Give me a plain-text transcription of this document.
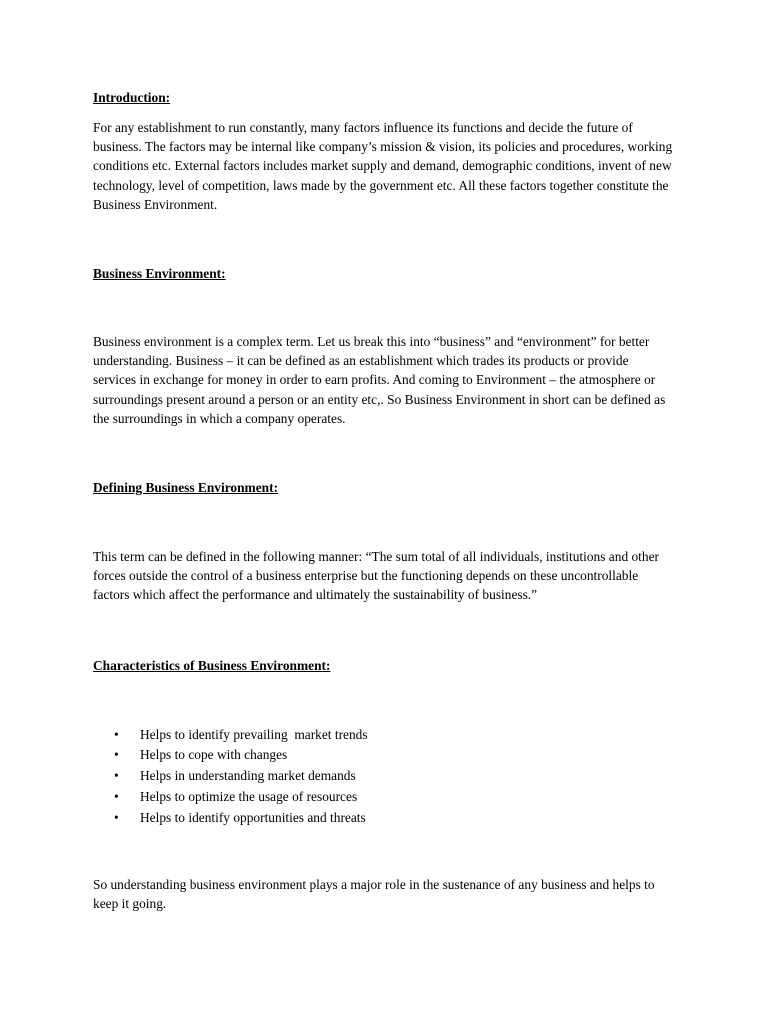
Introduction:

For any establishment to run constantly, many factors influence its functions and decide the future of business. The factors may be internal like company’s mission & vision, its policies and procedures, working conditions etc. External factors includes market supply and demand, demographic conditions, invent of new technology, level of competition, laws made by the government etc. All these factors together constitute the Business Environment.

Business Environment:

Business environment is a complex term. Let us break this into “business” and “environment” for better understanding. Business – it can be defined as an establishment which trades its products or provide services in exchange for money in order to earn profits. And coming to Environment – the atmosphere or surroundings present around a person or an entity etc,. So Business Environment in short can be defined as the surroundings in which a company operates.

Defining Business Environment:

This term can be defined in the following manner: “The sum total of all individuals, institutions and other forces outside the control of a business enterprise but the functioning depends on these uncontrollable factors which affect the performance and ultimately the sustainability of business.”

Characteristics of Business Environment:

• Helps to identify prevailing  market trends
• Helps to cope with changes
• Helps in understanding market demands
• Helps to optimize the usage of resources
• Helps to identify opportunities and threats

So understanding business environment plays a major role in the sustenance of any business and helps to keep it going.
